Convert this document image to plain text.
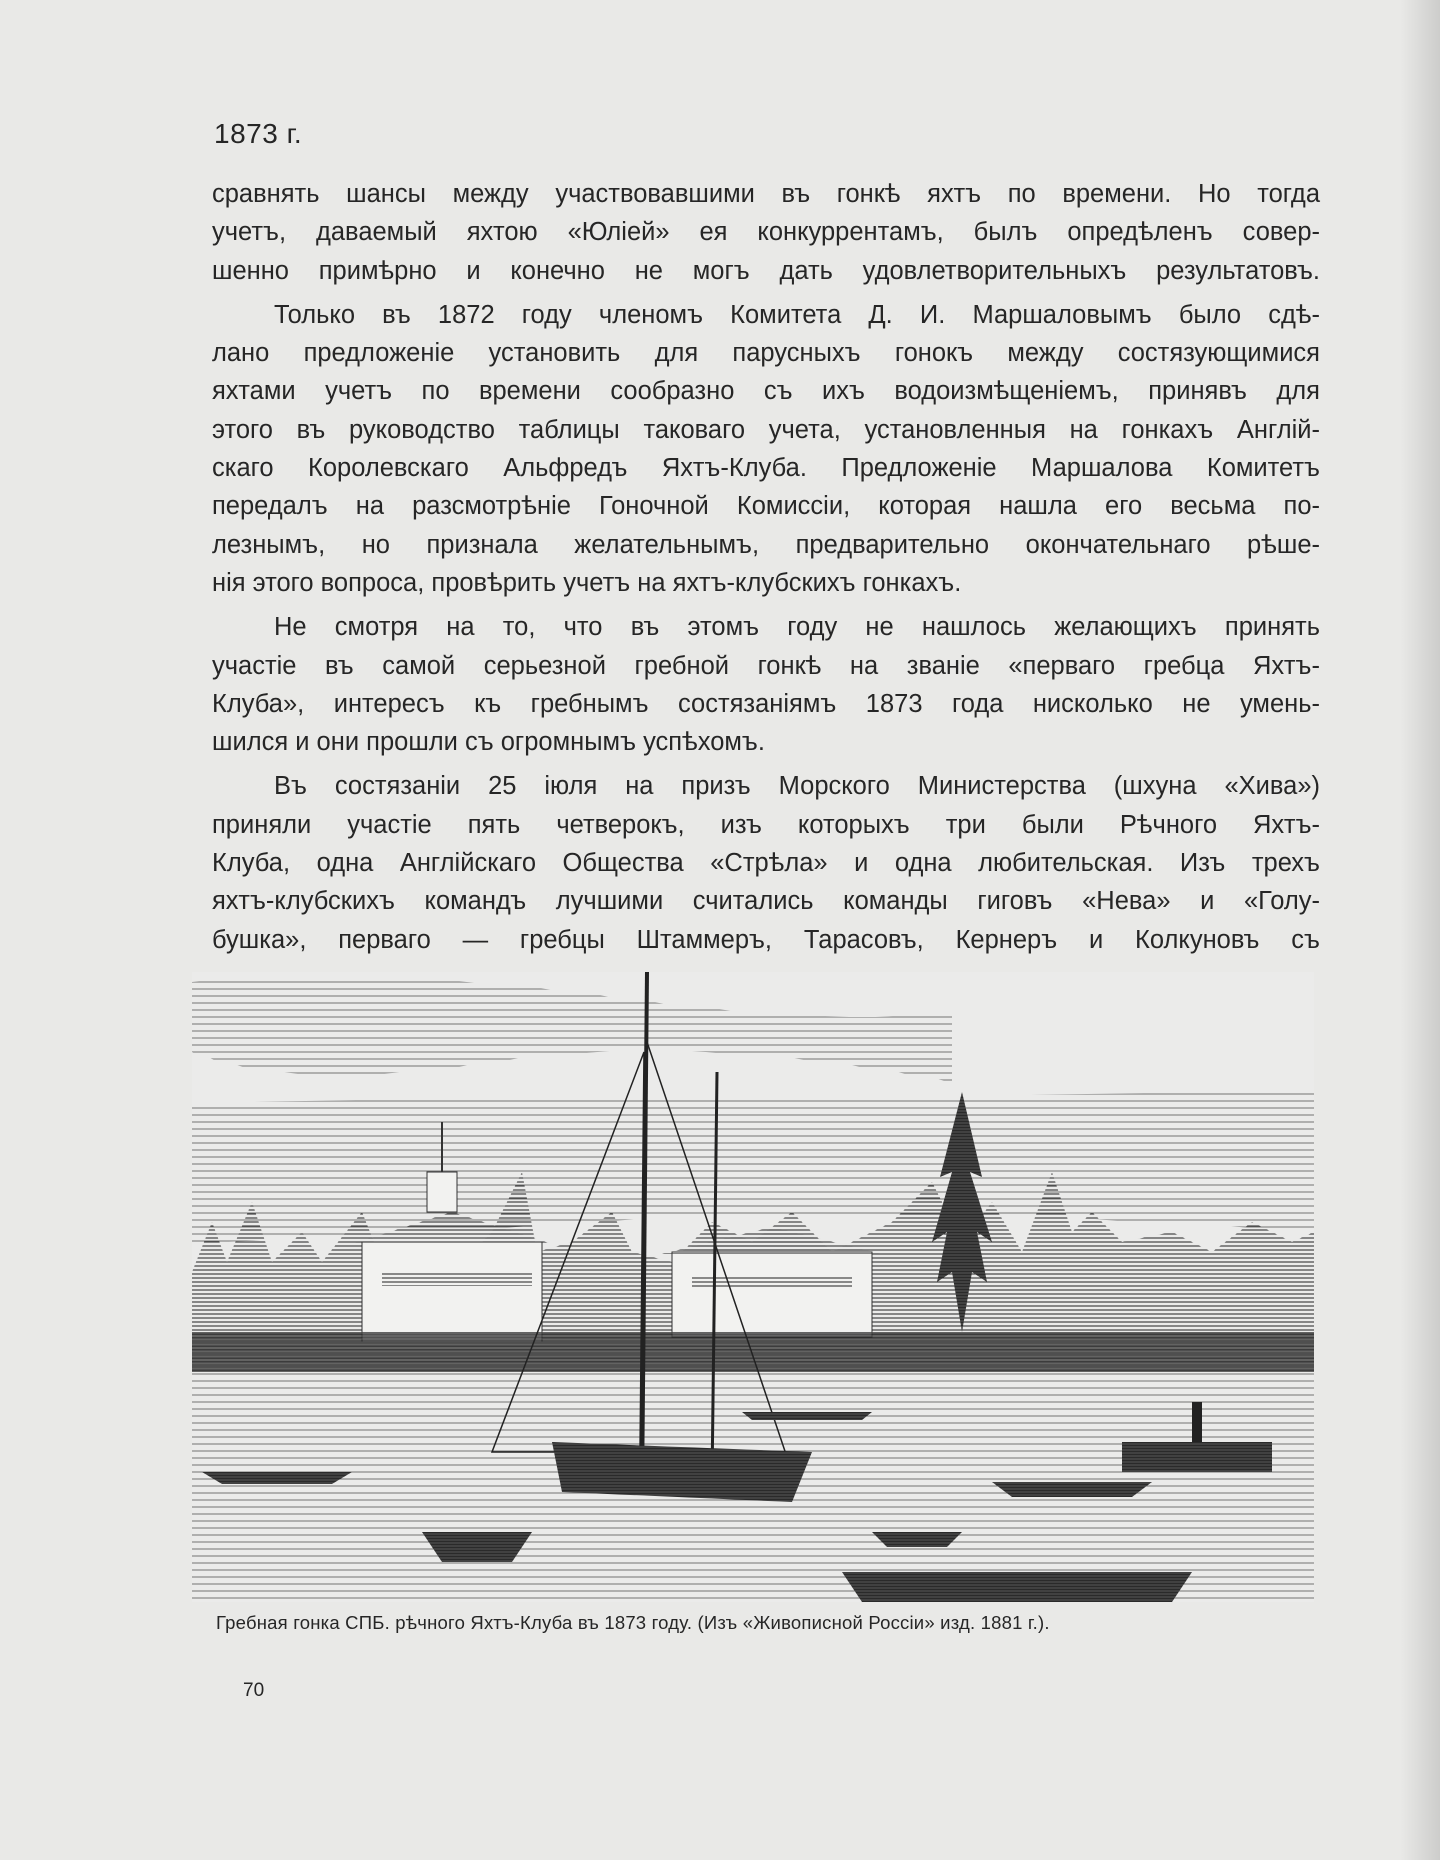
1873 г.
сравнять шансы между участвовавшими въ гонкѣ яхтъ по времени. Но тогда
учетъ, даваемый яхтою «Юліей» ея конкуррентамъ, былъ опредѣленъ совер-
шенно примѣрно и конечно не могъ дать удовлетворительныхъ результатовъ.
Только въ 1872 году членомъ Комитета Д. И. Маршаловымъ было сдѣ-
лано предложеніе установить для парусныхъ гонокъ между состязующимися
яхтами учетъ по времени сообразно съ ихъ водоизмѣщеніемъ, принявъ для
этого въ руководство таблицы таковаго учета, установленныя на гонкахъ Англій-
скаго Королевскаго Альфредъ Яхтъ-Клуба. Предложеніе Маршалова Комитетъ
передалъ на разсмотрѣніе Гоночной Комиссіи, которая нашла его весьма по-
лезнымъ, но признала желательнымъ, предварительно окончательнаго рѣше-
нія этого вопроса, провѣрить учетъ на яхтъ-клубскихъ гонкахъ.
Не смотря на то, что въ этомъ году не нашлось желающихъ принять
участіе въ самой серьезной гребной гонкѣ на званіе «перваго гребца Яхтъ-
Клуба», интересъ къ гребнымъ состязаніямъ 1873 года нисколько не умень-
шился и они прошли съ огромнымъ успѣхомъ.
Въ состязаніи 25 іюля на призъ Морского Министерства (шхуна «Хива»)
приняли участіе пять четверокъ, изъ которыхъ три были Рѣчного Яхтъ-
Клуба, одна Англійскаго Общества «Стрѣла» и одна любительская. Изъ трехъ
яхтъ-клубскихъ командъ лучшими считались команды гиговъ «Нева» и «Голу-
бушка», перваго — гребцы Штаммеръ, Тарасовъ, Кернеръ и Колкуновъ съ
Гребная гонка СПБ. рѣчного Яхтъ-Клуба въ 1873 году. (Изъ «Живописной Россіи» изд. 1881 г.).
70
